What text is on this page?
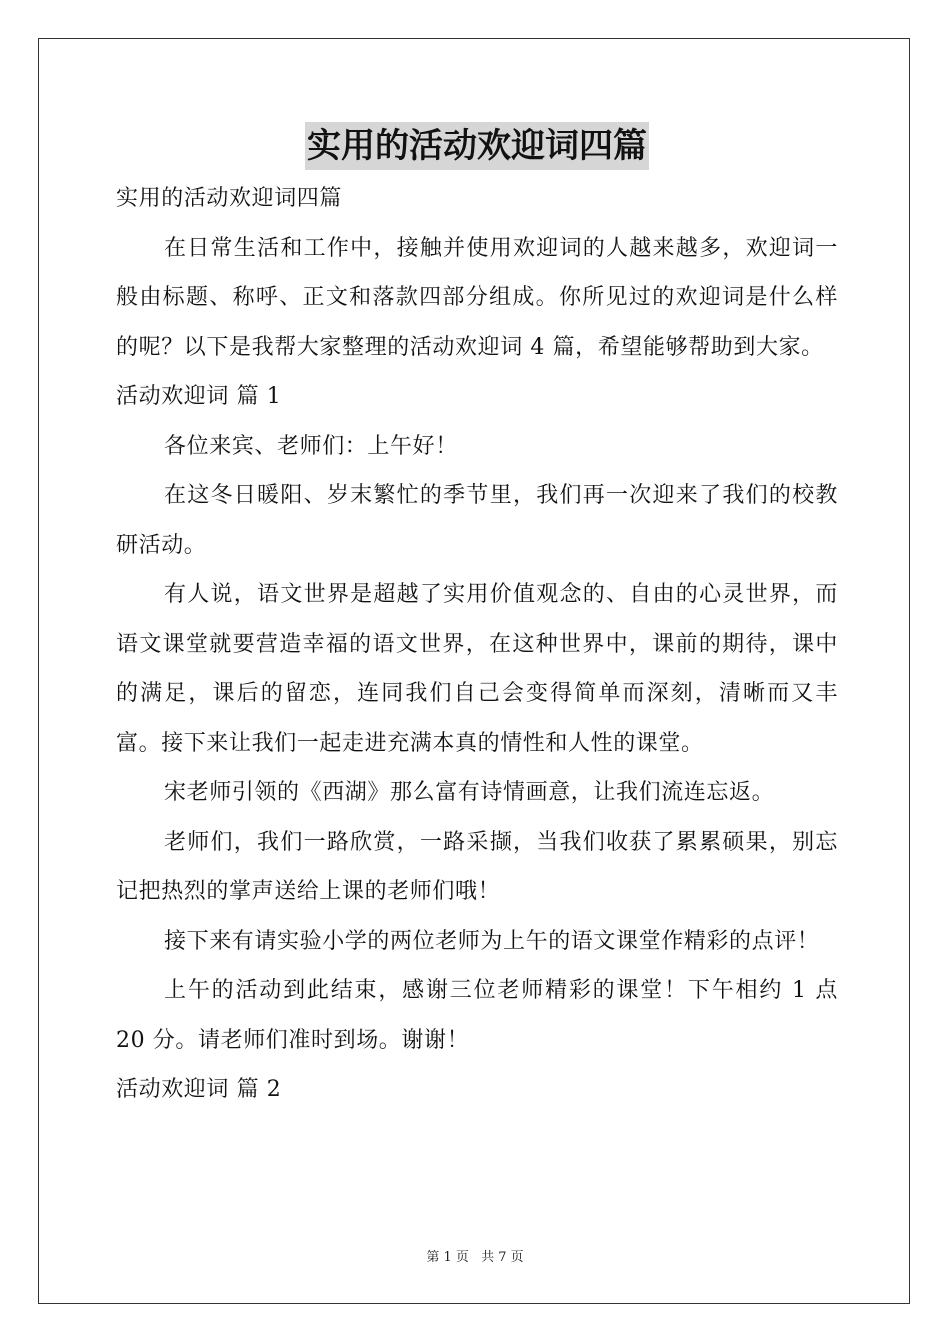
实用的活动欢迎词四篇

实用的活动欢迎词四篇

在日常生活和工作中，接触并使用欢迎词的人越来越多，欢迎词一般由标题、称呼、正文和落款四部分组成。你所见过的欢迎词是什么样的呢？以下是我帮大家整理的活动欢迎词 4 篇，希望能够帮助到大家。

活动欢迎词 篇 1

各位来宾、老师们：上午好！

在这冬日暖阳、岁末繁忙的季节里，我们再一次迎来了我们的校教研活动。

有人说，语文世界是超越了实用价值观念的、自由的心灵世界，而语文课堂就要营造幸福的语文世界，在这种世界中，课前的期待，课中的满足，课后的留恋，连同我们自己会变得简单而深刻，清晰而又丰富。接下来让我们一起走进充满本真的情性和人性的课堂。

宋老师引领的《西湖》那么富有诗情画意，让我们流连忘返。

老师们，我们一路欣赏，一路采撷，当我们收获了累累硕果，别忘记把热烈的掌声送给上课的老师们哦！

接下来有请实验小学的两位老师为上午的语文课堂作精彩的点评！

上午的活动到此结束，感谢三位老师精彩的课堂！下午相约 1 点 20 分。请老师们准时到场。谢谢！

活动欢迎词 篇 2

第 1 页 共 7 页
